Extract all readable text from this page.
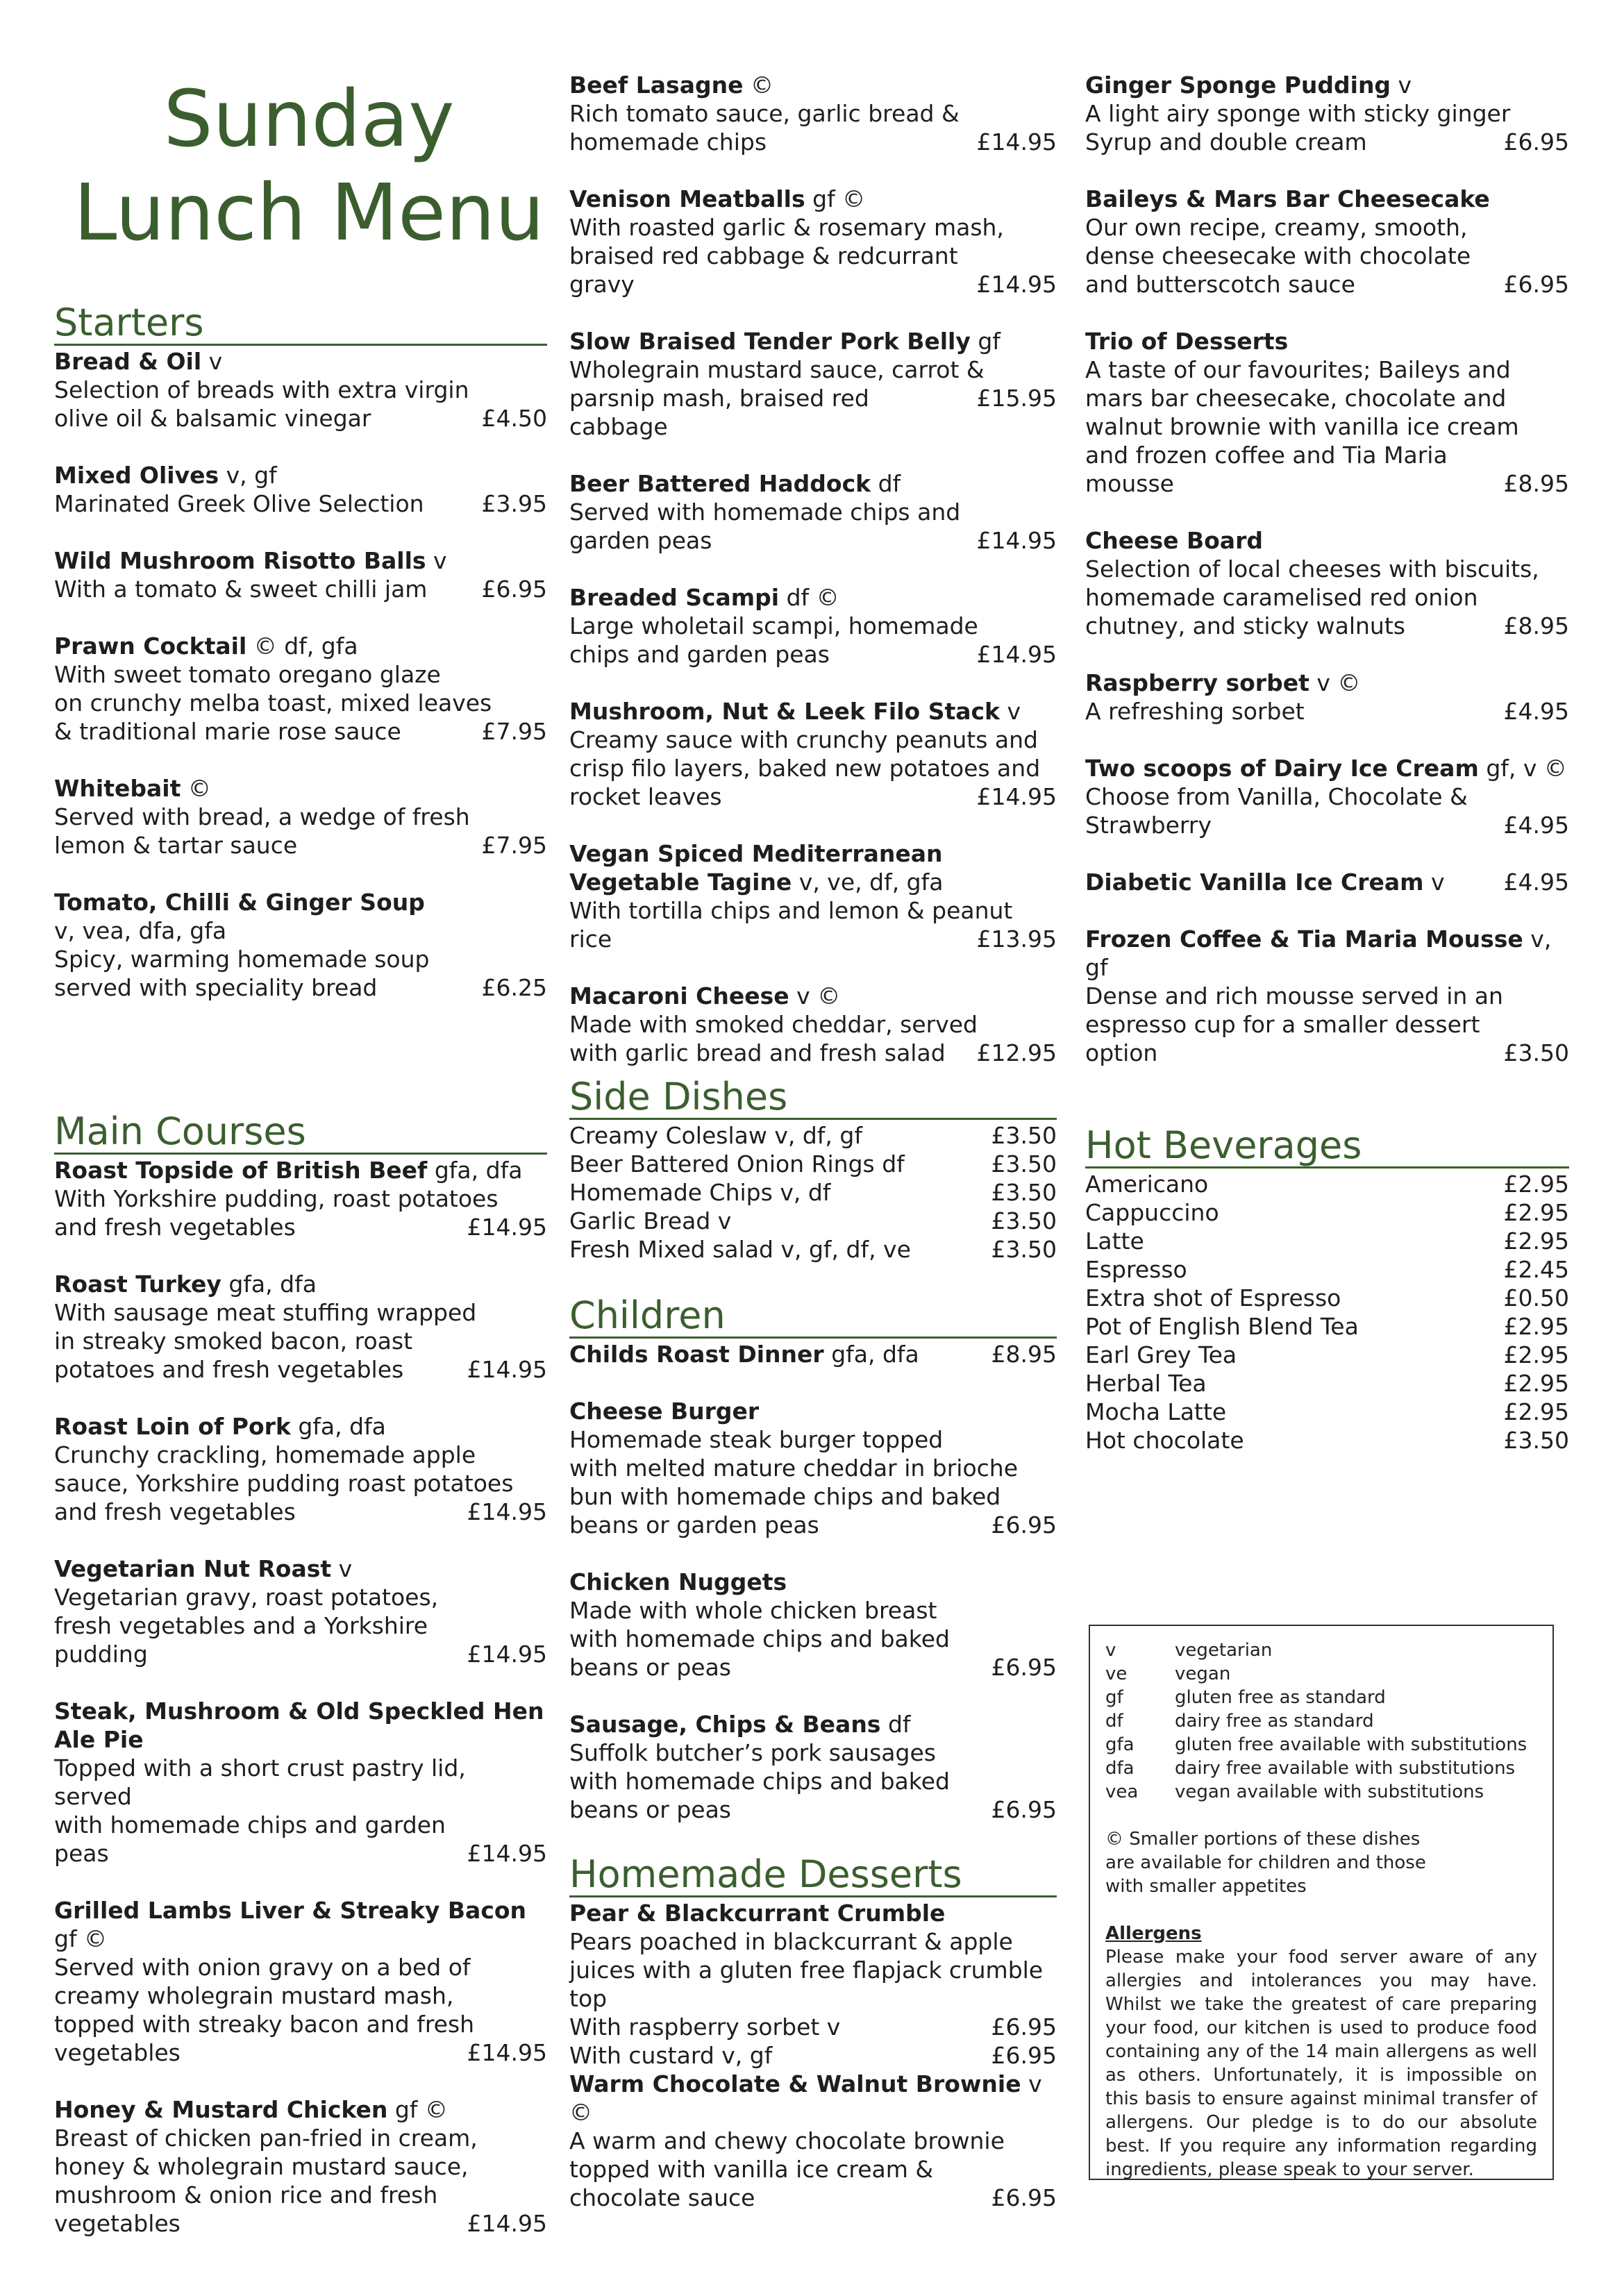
Sunday
Lunch Menu
Starters
Bread & Oil v
Selection of breads with extra virgin
olive oil & balsamic vinegar	£4.50
Mixed Olives v, gf
Marinated Greek Olive Selection	£3.95
Wild Mushroom Risotto Balls v
With a tomato & sweet chilli jam	£6.95
Prawn Cocktail © df, gfa
With sweet tomato oregano glaze
on crunchy melba toast, mixed leaves
& traditional marie rose sauce	£7.95
Whitebait ©
Served with bread, a wedge of fresh
lemon & tartar sauce	£7.95
Tomato, Chilli & Ginger Soup
v, vea, dfa, gfa
Spicy, warming homemade soup
served with speciality bread	£6.25
Main Courses
Roast Topside of British Beef gfa, dfa
With Yorkshire pudding, roast potatoes
and fresh vegetables	£14.95
Roast Turkey gfa, dfa
With sausage meat stuffing wrapped
in streaky smoked bacon, roast
potatoes and fresh vegetables	£14.95
Roast Loin of Pork gfa, dfa
Crunchy crackling, homemade apple
sauce, Yorkshire pudding roast potatoes
and fresh vegetables	£14.95
Vegetarian Nut Roast v
Vegetarian gravy, roast potatoes,
fresh vegetables and a Yorkshire
pudding	£14.95
Steak, Mushroom & Old Speckled Hen Ale Pie
Topped with a short crust pastry lid, served
with homemade chips and garden
peas	£14.95
Grilled Lambs Liver & Streaky Bacon gf ©
Served with onion gravy on a bed of
creamy wholegrain mustard mash,
topped with streaky bacon and fresh
vegetables	£14.95
Honey & Mustard Chicken gf ©
Breast of chicken pan-fried in cream,
honey & wholegrain mustard sauce,
mushroom & onion rice and fresh
vegetables	£14.95
Beef Lasagne ©
Rich tomato sauce, garlic bread &
homemade chips	£14.95
Venison Meatballs gf ©
With roasted garlic & rosemary mash,
braised red cabbage & redcurrant
gravy	£14.95
Slow Braised Tender Pork Belly gf
Wholegrain mustard sauce, carrot &
parsnip mash, braised red cabbage
£15.95
Beer Battered Haddock df
Served with homemade chips and
garden peas	£14.95
Breaded Scampi df ©
Large wholetail scampi, homemade
chips and garden peas	£14.95
Mushroom, Nut & Leek Filo Stack v
Creamy sauce with crunchy peanuts and
crisp filo layers, baked new potatoes and
rocket leaves	£14.95
Vegan Spiced Mediterranean Vegetable Tagine v, ve, df, gfa
With tortilla chips and lemon & peanut
rice	£13.95
Macaroni Cheese v ©
Made with smoked cheddar, served
with garlic bread and fresh salad	£12.95
Side Dishes
Creamy Coleslaw v, df, gf	£3.50
Beer Battered Onion Rings df	£3.50
Homemade Chips v, df	£3.50
Garlic Bread v	£3.50
Fresh Mixed salad v, gf, df, ve	£3.50
Children
Childs Roast Dinner gfa, dfa	£8.95
Cheese Burger
Homemade steak burger topped
with melted mature cheddar in brioche
bun with homemade chips and baked
beans or garden peas	£6.95
Chicken Nuggets
Made with whole chicken breast
with homemade chips and baked
beans or peas	£6.95
Sausage, Chips & Beans df
Suffolk butcher’s pork sausages
with homemade chips and baked
beans or peas	£6.95
Homemade Desserts
Pear & Blackcurrant Crumble
Pears poached in blackcurrant & apple
juices with a gluten free flapjack crumble
top
With raspberry sorbet v	£6.95
With custard v, gf	£6.95
Warm Chocolate & Walnut Brownie v ©
A warm and chewy chocolate brownie
topped with vanilla ice cream &
chocolate sauce	£6.95
Ginger Sponge Pudding v
A light airy sponge with sticky ginger
Syrup and double cream	£6.95
Baileys & Mars Bar Cheesecake
Our own recipe, creamy, smooth,
dense cheesecake with chocolate
and butterscotch sauce	£6.95
Trio of Desserts
A taste of our favourites; Baileys and
mars bar cheesecake, chocolate and
walnut brownie with vanilla ice cream
and frozen coffee and Tia Maria
mousse	£8.95
Cheese Board
Selection of local cheeses with biscuits,
homemade caramelised red onion
chutney, and sticky walnuts	£8.95
Raspberry sorbet v ©
A refreshing sorbet	£4.95
Two scoops of Dairy Ice Cream gf, v ©
Choose from Vanilla, Chocolate &
Strawberry	£4.95
Diabetic Vanilla Ice Cream v	£4.95
Frozen Coffee & Tia Maria Mousse v, gf
Dense and rich mousse served in an
espresso cup for a smaller dessert
option	£3.50
Hot Beverages
Americano	£2.95
Cappuccino	£2.95
Latte	£2.95
Espresso	£2.45
Extra shot of Espresso	£0.50
Pot of English Blend Tea	£2.95
Earl Grey Tea	£2.95
Herbal Tea	£2.95
Mocha Latte	£2.95
Hot chocolate	£3.50
v	vegetarian
ve	vegan
gf	gluten free as standard
df	dairy free as standard
gfa	gluten free available with substitutions
dfa	dairy free available with substitutions
vea	vegan available with substitutions
© Smaller portions of these dishes
are available for children and those
with smaller appetites
Allergens
Please make your food server aware of any allergies and intolerances you may have. Whilst we take the greatest of care preparing your food, our kitchen is used to produce food containing any of the 14 main allergens as well as others. Unfortunately, it is impossible on this basis to ensure against minimal transfer of allergens. Our pledge is to do our absolute best. If you require any information regarding ingredients, please speak to your server.
